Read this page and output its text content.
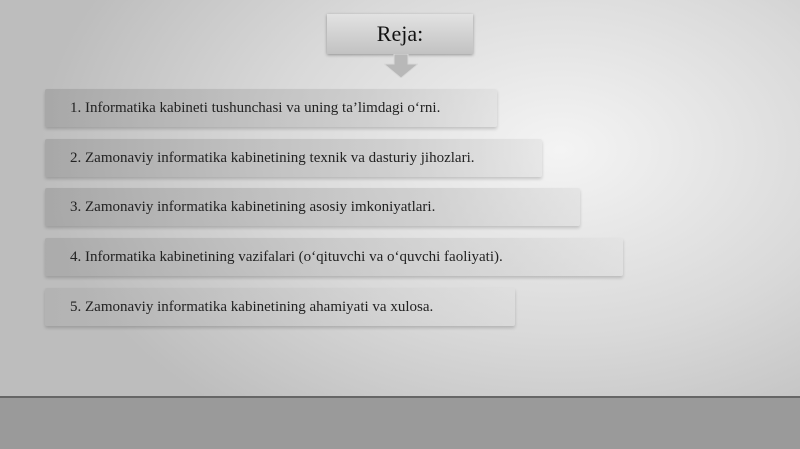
Reja:
1. Informatika kabineti tushunchasi va uning ta’limdagi o‘rni.
2. Zamonaviy informatika kabinetining texnik va dasturiy jihozlari.
3. Zamonaviy informatika kabinetining asosiy imkoniyatlari.
4. Informatika kabinetining vazifalari (o‘qituvchi va o‘quvchi faoliyati).
5. Zamonaviy informatika kabinetining ahamiyati va xulosa.
